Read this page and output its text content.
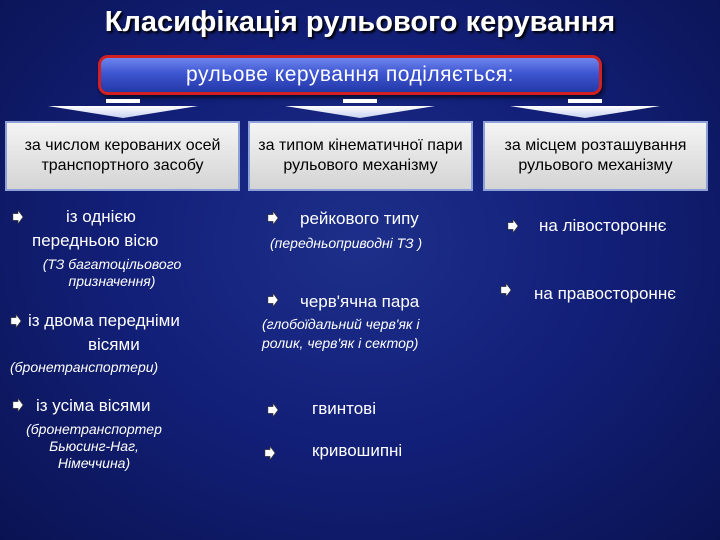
Класифікація рульового керування
рульове керування поділяється:
за числом керованих осей транспортного засобу
за типом кінематичної пари рульового механізму
за місцем розташування рульового механізму
із однією
передньою вісю
(ТЗ багатоцільового призначення)
із двома передніми
вісями
(бронетранспортери)
із усіма вісями
(бронетранспортер Бьюсинг-Наг, Німеччина)
рейкового типу
(передньоприводні ТЗ )
черв'ячна пара
(глобоїдальний черв'як і
ролик, черв'як і сектор)
гвинтові
кривошипні
на лівостороннє
на правостороннє
